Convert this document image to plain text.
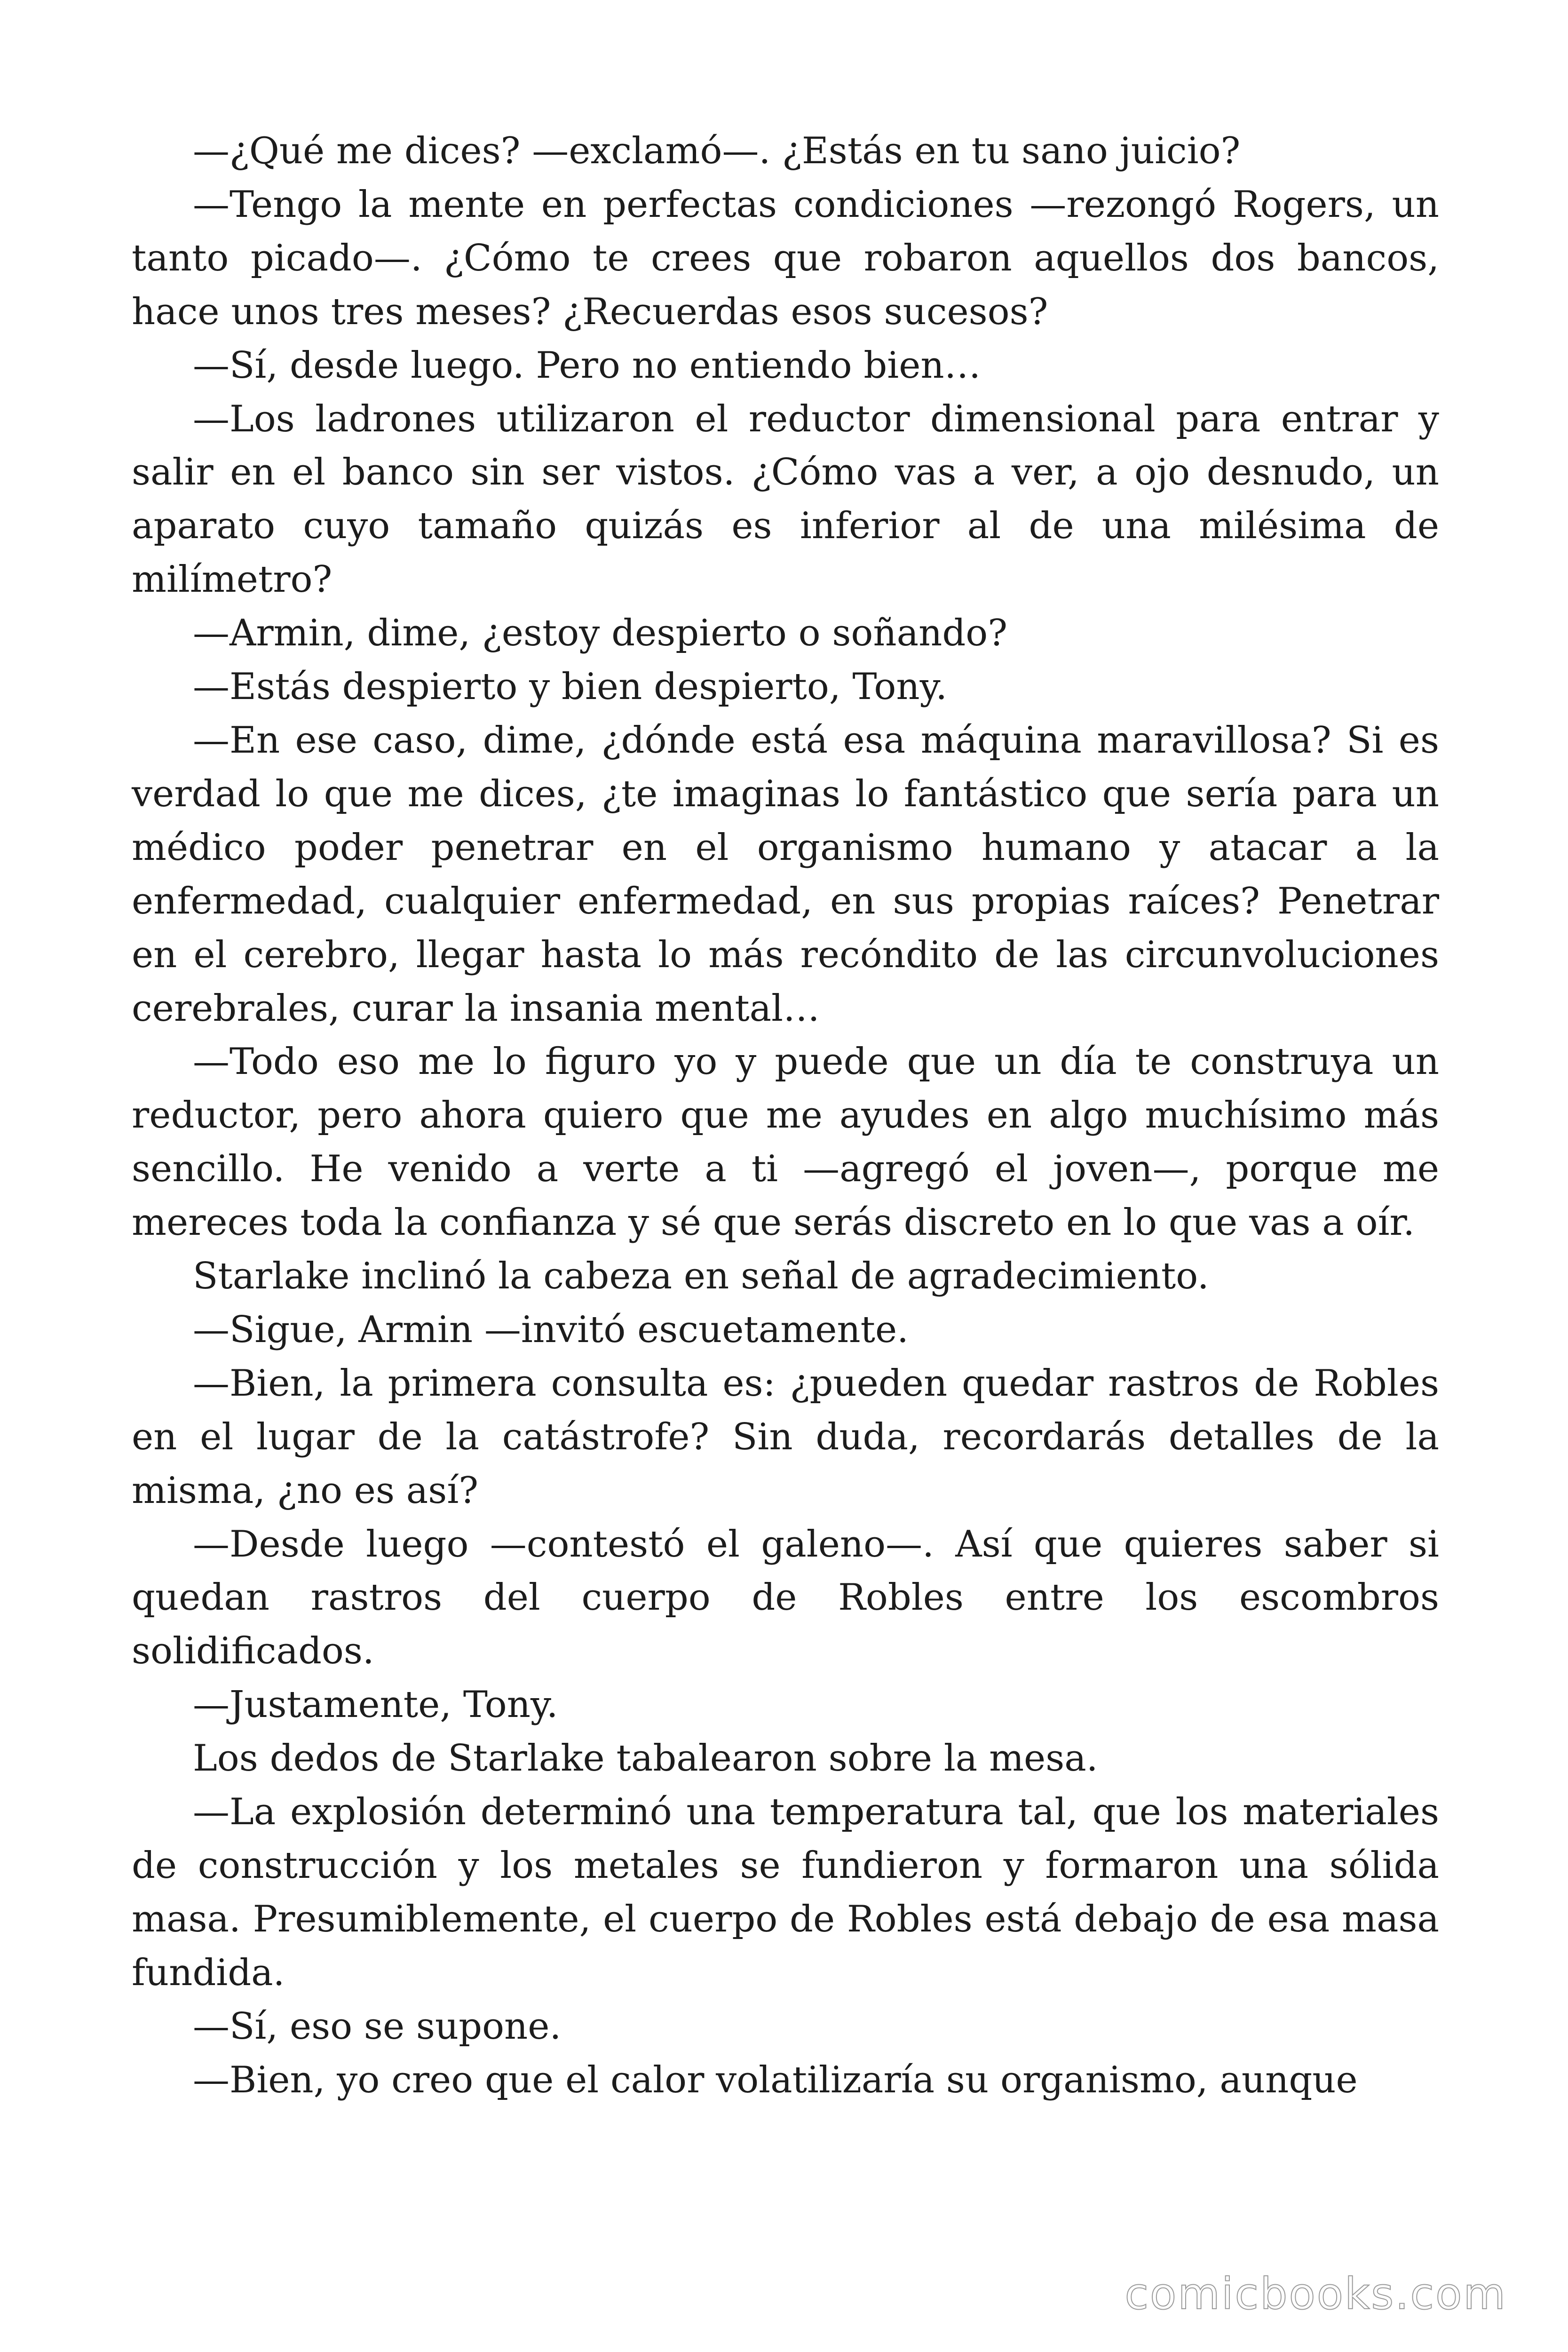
—¿Qué me dices? —exclamó—. ¿Estás en tu sano juicio?

—Tengo la mente en perfectas condiciones —rezongó Rogers, un tanto picado—. ¿Cómo te crees que robaron aquellos dos bancos, hace unos tres meses? ¿Recuerdas esos sucesos?

—Sí, desde luego. Pero no entiendo bien…

—Los ladrones utilizaron el reductor dimensional para entrar y salir en el banco sin ser vistos. ¿Cómo vas a ver, a ojo desnudo, un aparato cuyo tamaño quizás es inferior al de una milésima de milímetro?

—Armin, dime, ¿estoy despierto o soñando?

—Estás despierto y bien despierto, Tony.

—En ese caso, dime, ¿dónde está esa máquina maravillosa? Si es verdad lo que me dices, ¿te imaginas lo fantástico que sería para un médico poder penetrar en el organismo humano y atacar a la enfermedad, cualquier enfermedad, en sus propias raíces? Penetrar en el cerebro, llegar hasta lo más recóndito de las circunvoluciones cerebrales, curar la insania mental…

—Todo eso me lo figuro yo y puede que un día te construya un reductor, pero ahora quiero que me ayudes en algo muchísimo más sencillo. He venido a verte a ti —agregó el joven—, porque me mereces toda la confianza y sé que serás discreto en lo que vas a oír.

Starlake inclinó la cabeza en señal de agradecimiento.

—Sigue, Armin —invitó escuetamente.

—Bien, la primera consulta es: ¿pueden quedar rastros de Robles en el lugar de la catástrofe? Sin duda, recordarás detalles de la misma, ¿no es así?

—Desde luego —contestó el galeno—. Así que quieres saber si quedan rastros del cuerpo de Robles entre los escombros solidificados.

—Justamente, Tony.

Los dedos de Starlake tabalearon sobre la mesa.

—La explosión determinó una temperatura tal, que los materiales de construcción y los metales se fundieron y formaron una sólida masa. Presumiblemente, el cuerpo de Robles está debajo de esa masa fundida.

—Sí, eso se supone.

—Bien, yo creo que el calor volatilizaría su organismo, aunque

comicbooks.com
